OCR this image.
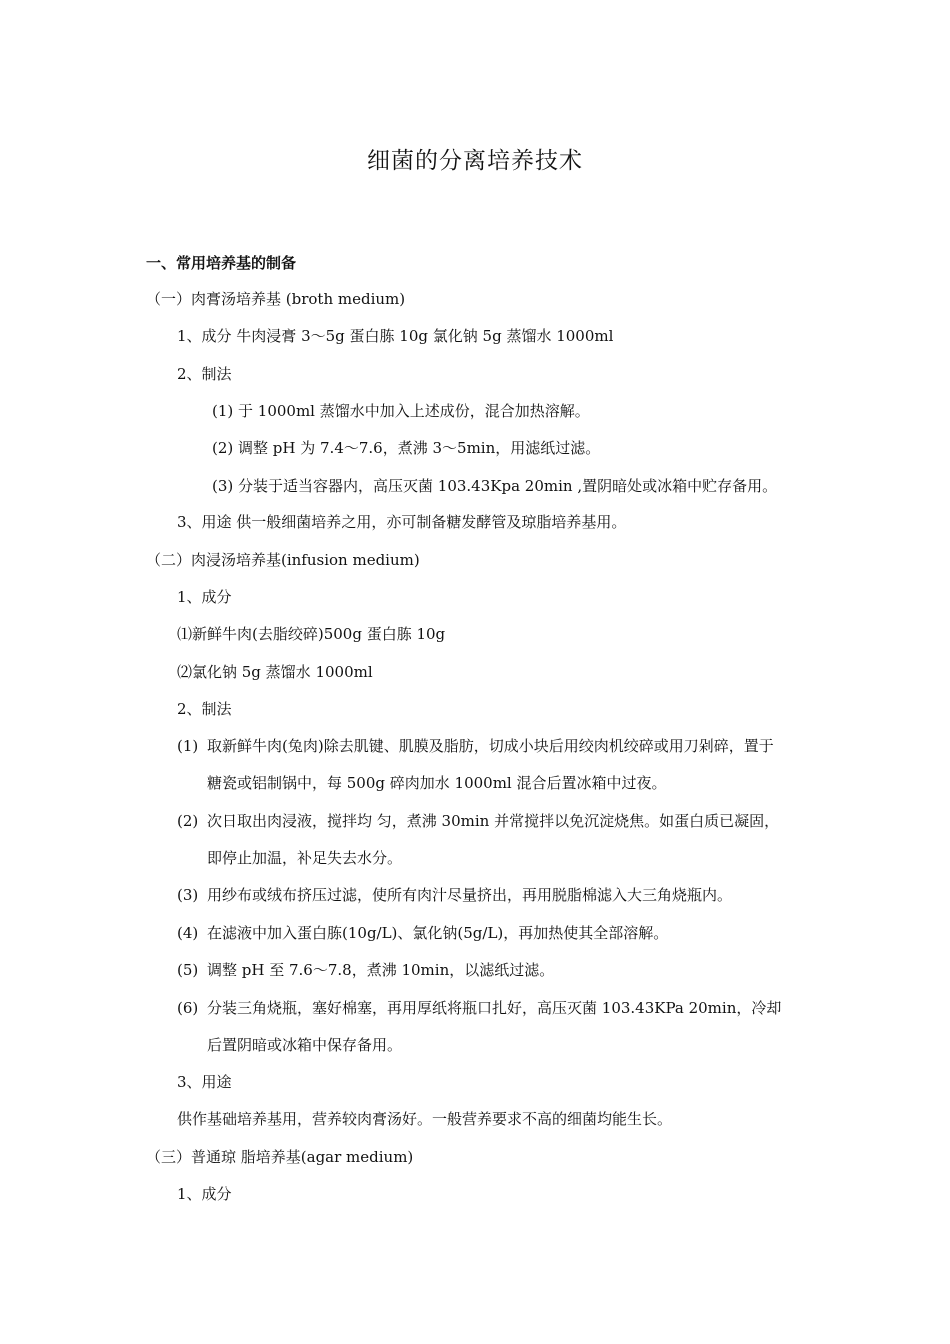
细菌的分离培养技术
一、常用培养基的制备
（一）肉膏汤培养基 (broth medium)
1、成分 牛肉浸膏 3～5g 蛋白胨 10g 氯化钠 5g 蒸馏水 1000ml
2、制法
(1) 于 1000ml 蒸馏水中加入上述成份，混合加热溶解。
(2) 调整 pH 为 7.4～7.6，煮沸 3～5min，用滤纸过滤。
(3) 分装于适当容器内，高压灭菌 103.43Kpa 20min ,置阴暗处或冰箱中贮存备用。
3、用途 供一般细菌培养之用，亦可制备糖发酵管及琼脂培养基用。
（二）肉浸汤培养基(infusion medium)
1、成分
⑴新鲜牛肉(去脂绞碎)500g 蛋白胨 10g
⑵氯化钠 5g 蒸馏水 1000ml
2、制法
(1) 取新鲜牛肉(兔肉)除去肌键、肌膜及脂肪，切成小块后用绞肉机绞碎或用刀剁碎，置于
糖瓷或铝制锅中，每 500g 碎肉加水 1000ml 混合后置冰箱中过夜。
(2) 次日取出肉浸液，搅拌均 匀，煮沸 30min 并常搅拌以免沉淀烧焦。如蛋白质已凝固，
即停止加温，补足失去水分。
(3) 用纱布或绒布挤压过滤，使所有肉汁尽量挤出，再用脱脂棉滤入大三角烧瓶内。
(4) 在滤液中加入蛋白胨(10g/L)、氯化钠(5g/L)，再加热使其全部溶解。
(5) 调整 pH 至 7.6～7.8，煮沸 10min，以滤纸过滤。
(6) 分装三角烧瓶，塞好棉塞，再用厚纸将瓶口扎好，高压灭菌 103.43KPa 20min，冷却
后置阴暗或冰箱中保存备用。
3、用途
供作基础培养基用，营养较肉膏汤好。一般营养要求不高的细菌均能生长。
（三）普通琼 脂培养基(agar medium)
1、成分
